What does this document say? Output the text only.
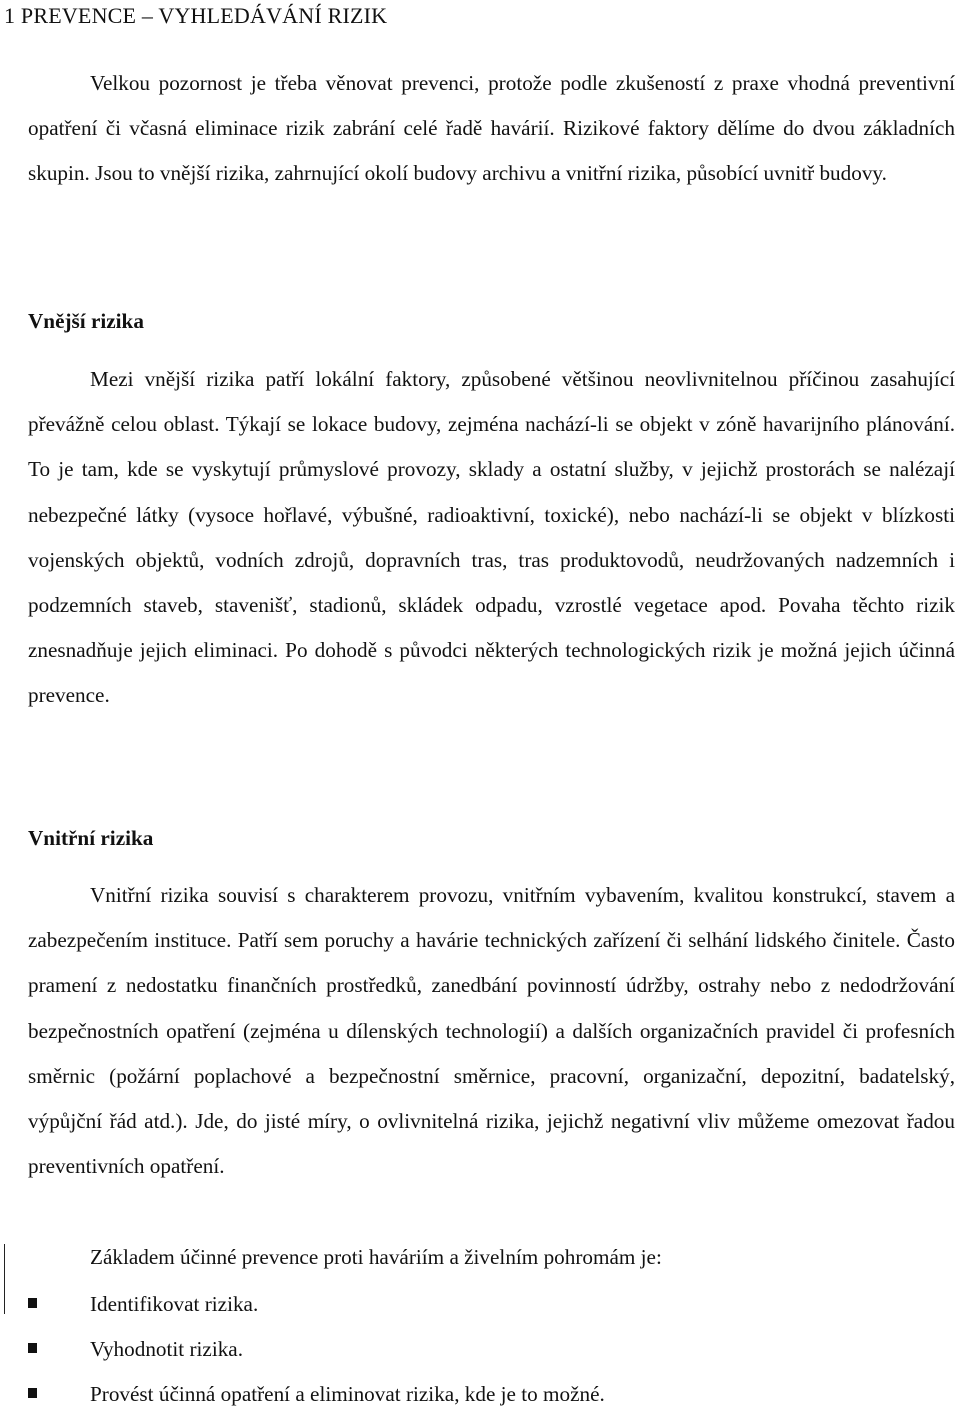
1 PREVENCE – VYHLEDÁVÁNÍ RIZIK

Velkou pozornost je třeba věnovat prevenci, protože podle zkušeností z praxe vhodná preventivní opatření či včasná eliminace rizik zabrání celé řadě havárií. Rizikové faktory dělíme do dvou základních skupin. Jsou to vnější rizika, zahrnující okolí budovy archivu a vnitřní rizika, působící uvnitř budovy.

Vnější rizika

Mezi vnější rizika patří lokální faktory, způsobené většinou neovlivnitelnou příčinou zasahující převážně celou oblast. Týkají se lokace budovy, zejména nachází-li se objekt v zóně havarijního plánování. To je tam, kde se vyskytují průmyslové provozy, sklady a ostatní služby, v jejichž prostorách se nalézají nebezpečné látky (vysoce hořlavé, výbušné, radioaktivní, toxické), nebo nachází-li se objekt v blízkosti vojenských objektů, vodních zdrojů, dopravních tras, tras produktovodů, neudržovaných nadzemních i podzemních staveb, stavenišť, stadionů, skládek odpadu, vzrostlé vegetace apod. Povaha těchto rizik znesnadňuje jejich eliminaci. Po dohodě s původci některých technologických rizik je možná jejich účinná prevence.

Vnitřní rizika

Vnitřní rizika souvisí s charakterem provozu, vnitřním vybavením, kvalitou konstrukcí, stavem a zabezpečením instituce. Patří sem poruchy a havárie technických zařízení či selhání lidského činitele. Často pramení z nedostatku finančních prostředků, zanedbání povinností údržby, ostrahy nebo z nedodržování bezpečnostních opatření (zejména u dílenských technologií) a dalších organizačních pravidel či profesních směrnic (požární poplachové a bezpečnostní směrnice, pracovní, organizační, depozitní, badatelský, výpůjční řád atd.). Jde, do jisté míry, o ovlivnitelná rizika, jejichž negativní vliv můžeme omezovat řadou preventivních opatření.

Základem účinné prevence proti haváriím a živelním pohromám je:

Identifikovat rizika.
Vyhodnotit rizika.
Provést účinná opatření a eliminovat rizika, kde je to možné.
